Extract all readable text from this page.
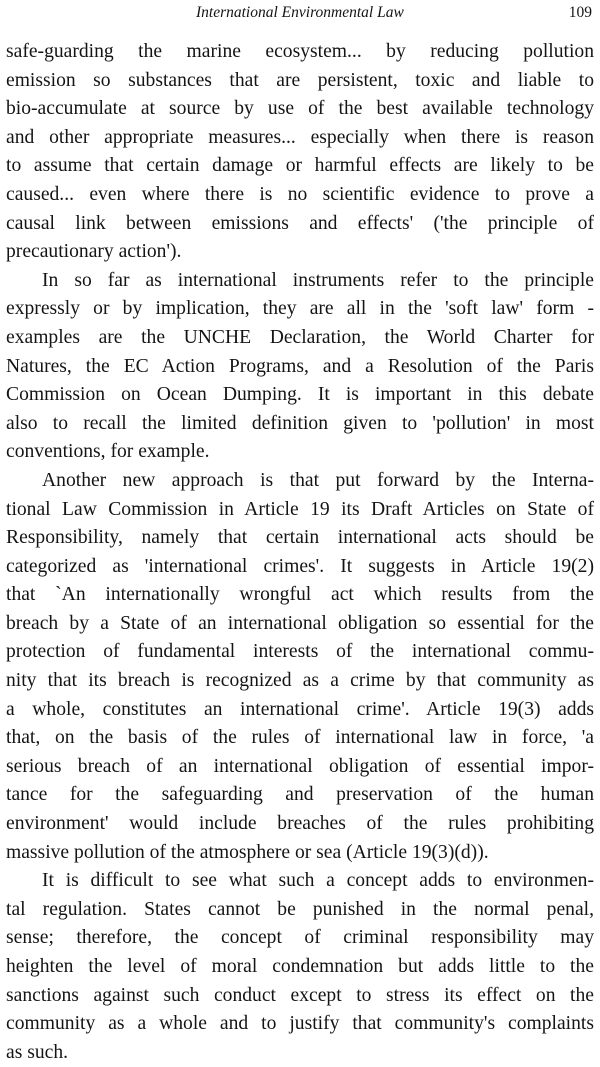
International Environmental Law	109
safe-guarding the marine ecosystem... by reducing pollution
emission so substances that are persistent, toxic and liable to
bio-accumulate at source by use of the best available technology
and other appropriate measures... especially when there is reason
to assume that certain damage or harmful effects are likely to be
caused... even where there is no scientific evidence to prove a
causal link between emissions and effects' ('the principle of
precautionary action').
In so far as international instruments refer to the principle
expressly or by implication, they are all in the 'soft law' form -
examples are the UNCHE Declaration, the World Charter for
Natures, the EC Action Programs, and a Resolution of the Paris
Commission on Ocean Dumping. It is important in this debate
also to recall the limited definition given to 'pollution' in most
conventions, for example.
Another new approach is that put forward by the Interna-
tional Law Commission in Article 19 its Draft Articles on State of
Responsibility, namely that certain international acts should be
categorized as 'international crimes'. It suggests in Article 19(2)
that `An internationally wrongful act which results from the
breach by a State of an international obligation so essential for the
protection of fundamental interests of the international commu-
nity that its breach is recognized as a crime by that community as
a whole, constitutes an international crime'. Article 19(3) adds
that, on the basis of the rules of international law in force, 'a
serious breach of an international obligation of essential impor-
tance for the safeguarding and preservation of the human
environment' would include breaches of the rules prohibiting
massive pollution of the atmosphere or sea (Article 19(3)(d)).
It is difficult to see what such a concept adds to environmen-
tal regulation. States cannot be punished in the normal penal,
sense; therefore, the concept of criminal responsibility may
heighten the level of moral condemnation but adds little to the
sanctions against such conduct except to stress its effect on the
community as a whole and to justify that community's complaints
as such.
